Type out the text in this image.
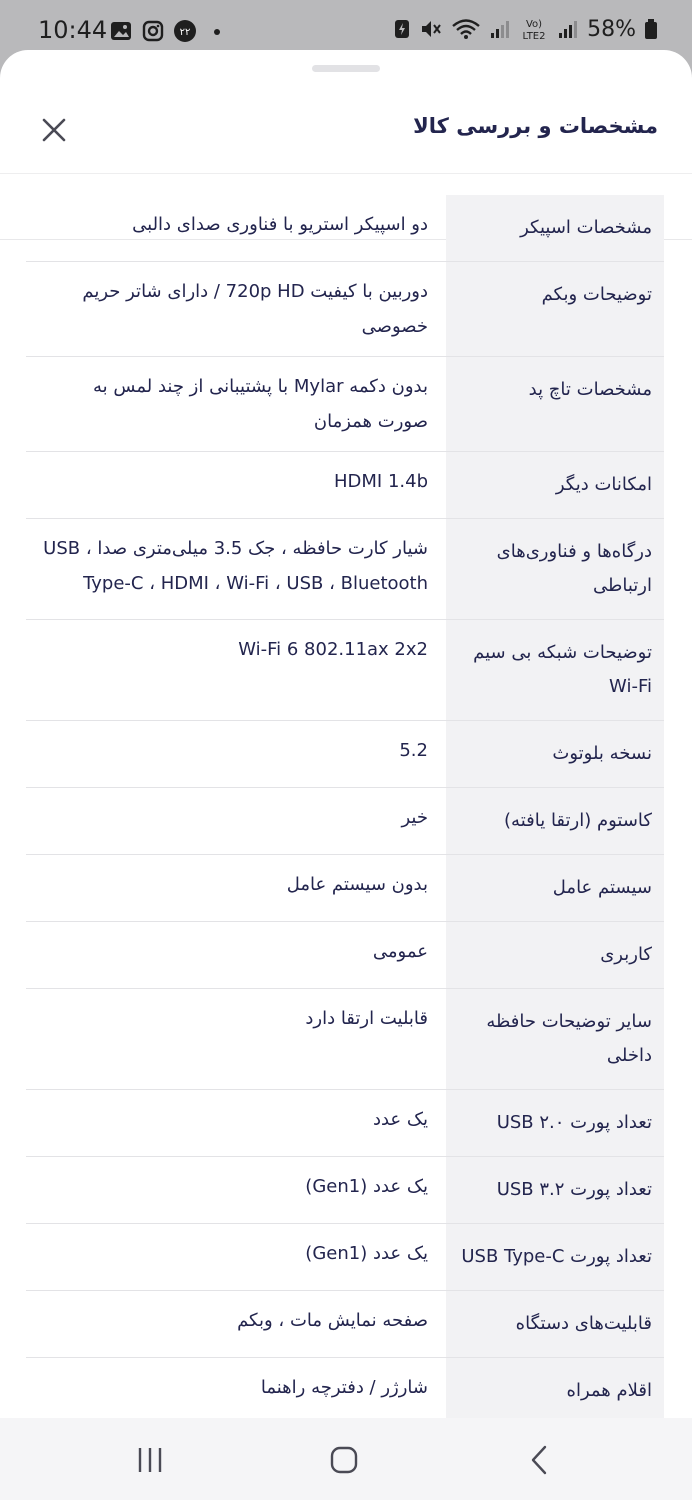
10:44	۲۲
Vo)
LTE2 58%
مشخصات و بررسی کالا
مشخصات اسپیکر
دو اسپیکر استریو با فناوری صدای دالبی
توضیحات وبکم
دوربین با کیفیت 720p HD / دارای شاتر حریم خصوصی
مشخصات تاچ پد
بدون دکمه Mylar با پشتیبانی از چند لمس به صورت همزمان
امکانات دیگر
HDMI 1.4b
درگاه‌ها و فناوری‌های ارتباطی
شیار کارت حافظه ، جک 3.5 میلی‌متری صدا ، USB Type-C ، HDMI ، Wi-Fi ، USB ، Bluetooth
توضیحات شبکه بی سیم Wi-Fi
Wi-Fi 6 802.11ax 2x2
نسخه بلوتوث
5.2
کاستوم (ارتقا یافته)
خیر
سیستم عامل
بدون سیستم عامل
کاربری
عمومی
سایر توضیحات حافظه داخلی
قابلیت ارتقا دارد
تعداد پورت USB ۲.۰
یک عدد
تعداد پورت USB ۳.۲
یک عدد (Gen1)
تعداد پورت USB Type-C
یک عدد (Gen1)
قابلیت‌های دستگاه
صفحه نمایش مات ، وبکم
اقلام همراه
شارژر / دفترچه راهنما
